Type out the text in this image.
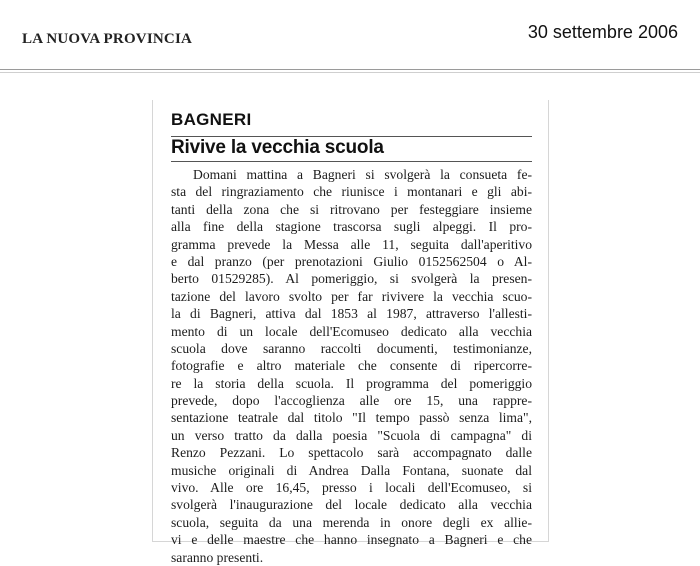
LA NUOVA PROVINCIA	30 settembre 2006
BAGNERI
Rivive la vecchia scuola
Domani mattina a Bagneri si svolgerà la consueta fe-
sta del ringraziamento che riunisce i montanari e gli abi-
tanti della zona che si ritrovano per festeggiare insieme
alla fine della stagione trascorsa sugli alpeggi. Il pro-
gramma prevede la Messa alle 11, seguita dall'aperitivo
e dal pranzo (per prenotazioni Giulio 0152562504 o Al-
berto 01529285). Al pomeriggio, si svolgerà la presen-
tazione del lavoro svolto per far rivivere la vecchia scuo-
la di Bagneri, attiva dal 1853 al 1987, attraverso l'allesti-
mento di un locale dell'Ecomuseo dedicato alla vecchia
scuola dove saranno raccolti documenti, testimonianze,
fotografie e altro materiale che consente di ripercorre-
re la storia della scuola. Il programma del pomeriggio
prevede, dopo l'accoglienza alle ore 15, una rappre-
sentazione teatrale dal titolo "Il tempo passò senza lima",
un verso tratto da dalla poesia "Scuola di campagna" di
Renzo Pezzani. Lo spettacolo sarà accompagnato dalle
musiche originali di Andrea Dalla Fontana, suonate dal
vivo. Alle ore 16,45, presso i locali dell'Ecomuseo, si
svolgerà l'inaugurazione del locale dedicato alla vecchia
scuola, seguita da una merenda in onore degli ex allie-
vi e delle maestre che hanno insegnato a Bagneri e che
saranno presenti.
